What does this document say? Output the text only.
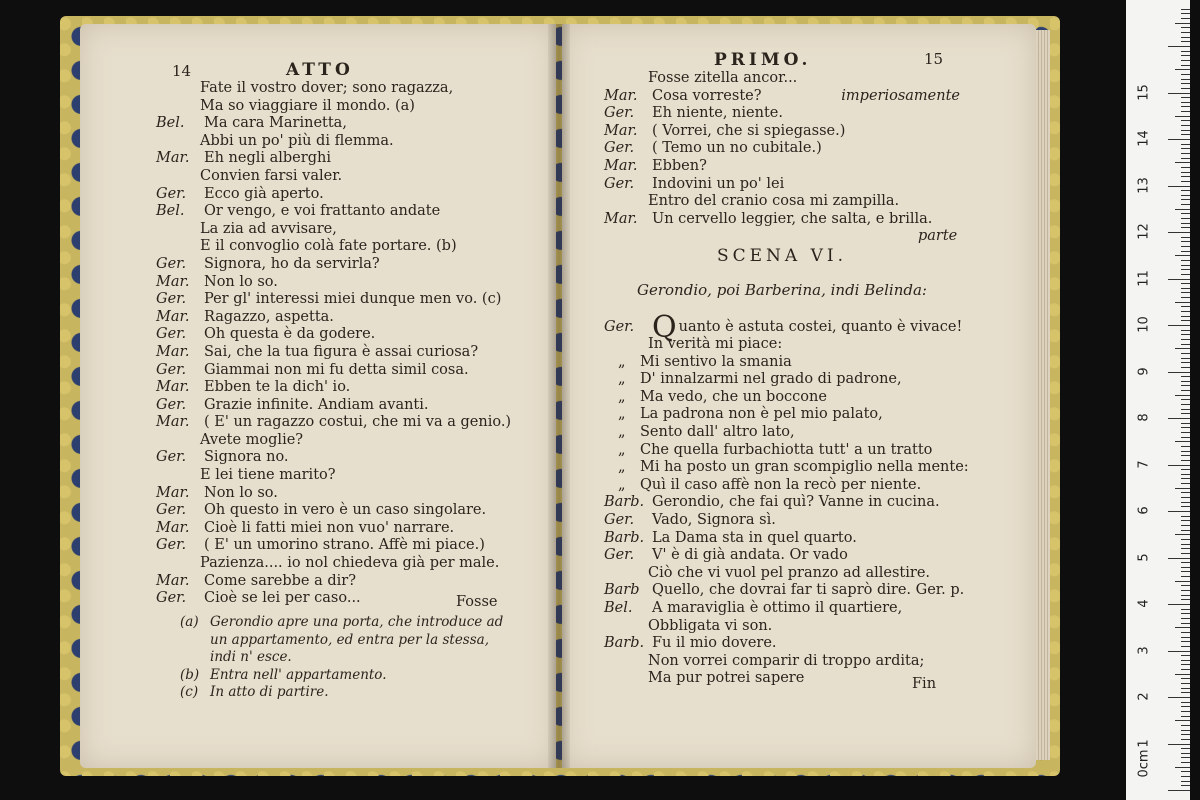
14	ATTO
Fate il vostro dover; sono ragazza,
Ma so viaggiare il mondo. (a)
Bel. Ma cara Marinetta,
Abbi un po' più di flemma.
Mar. Eh negli alberghi
Convien farsi valer.
Ger. Ecco già aperto.
Bel. Or vengo, e voi frattanto andate
La zia ad avvisare,
E il convoglio colà fate portare. (b)
Ger. Signora, ho da servirla?
Mar. Non lo so.
Ger. Per gl' interessi miei dunque men vo. (c)
Mar. Ragazzo, aspetta.
Ger. Oh questa è da godere.
Mar. Sai, che la tua figura è assai curiosa?
Ger. Giammai non mi fu detta simil cosa.
Mar. Ebben te la dich' io.
Ger. Grazie infinite. Andiam avanti.
Mar. ( E' un ragazzo costui, che mi va a genio.)
Avete moglie?
Ger. Signora no.
E lei tiene marito?
Mar. Non lo so.
Ger. Oh questo in vero è un caso singolare.
Mar. Cioè li fatti miei non vuo' narrare.
Ger. ( E' un umorino strano. Affè mi piace.)
Pazienza.... io nol chiedeva già per male.
Mar. Come sarebbe a dir?
Ger. Cioè se lei per caso...	Fosse
(a) Gerondio apre una porta, che introduce ad
un appartamento, ed entra per la stessa,
indi n' esce.
(b) Entra nell' appartamento.
(c) In atto di partire.
PRIMO.	15
Fosse zitella ancor...
Mar. Cosa vorreste?	imperiosamente
Ger. Eh niente, niente.
Mar. ( Vorrei, che si spiegasse.)
Ger. ( Temo un no cubitale.)
Mar. Ebben?
Ger. Indovini un po' lei
Entro del cranio cosa mi zampilla.
Mar. Un cervello leggier, che salta, e brilla.
parte
SCENA VI.
Gerondio, poi Barberina, indi Belinda:
Ger. Q uanto è astuta costei, quanto è vivace!
In verità mi piace:
„ Mi sentivo la smania
„ D' innalzarmi nel grado di padrone,
„ Ma vedo, che un boccone
„ La padrona non è pel mio palato,
„ Sento dall' altro lato,
„ Che quella furbachiotta tutt' a un tratto
„ Mi ha posto un gran scompiglio nella mente:
„ Quì il caso affè non la recò per niente.
Barb. Gerondio, che fai quì? Vanne in cucina.
Ger. Vado, Signora sì.
Barb. La Dama sta in quel quarto.
Ger. V' è di già andata. Or vado
Ciò che vi vuol pel pranzo ad allestire.
Barb Quello, che dovrai far ti saprò dire. Ger. p.
Bel. A maraviglia è ottimo il quartiere,
Obbligata vi son.
Barb. Fu il mio dovere.
Non vorrei comparir di troppo ardita;
Ma pur potrei sapere	Fin
0cm
1
2
3
4
5
6
7
8
9
10
11
12
13
14
15
